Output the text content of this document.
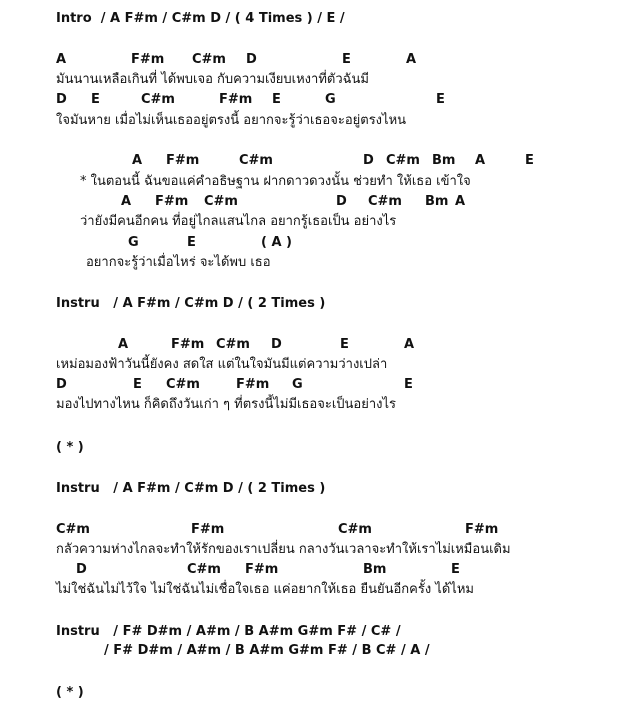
Intro / A F#m / C#m D / ( 4 Times ) / E /
มันนานเหลือเกินที่ ได้พบเจอ กับความเงียบเหงาที่ตัวฉันมี
ใจมันหาย เมื่อไม่เห็นเธออยู่ตรงนี้ อยากจะรู้ว่าเธอจะอยู่ตรงไหน
* ในตอนนี้ ฉันขอแค่คำอธิษฐาน ฝากดาวดวงนั้น ช่วยทำ ให้เธอ เข้าใจ
ว่ายังมีคนอีกคน ที่อยู่ไกลแสนไกล อยากรู้เธอเป็น อย่างไร
อยากจะรู้ว่าเมื่อไหร่ จะได้พบ เธอ
Instru / A F#m / C#m D / ( 2 Times )
เหม่อมองฟ้าวันนี้ยังคง สดใส แต่ในใจมันมีแต่ความว่างเปล่า
มองไปทางไหน ก็คิดถึงวันเก่า ๆ ที่ตรงนี้ไม่มีเธอจะเป็นอย่างไร
( * )
Instru / A F#m / C#m D / ( 2 Times )
กลัวความห่างไกลจะทำให้รักของเราเปลี่ยน กลางวันเวลาจะทำให้เราไม่เหมือนเดิม
ไม่ใช่ฉันไม่ไว้ใจ ไม่ใช่ฉันไม่เชื่อใจเธอ แค่อยากให้เธอ ยืนยันอีกครั้ง ได้ไหม
Instru / F# D#m / A#m / B A#m G#m F# / C# /
/ F# D#m / A#m / B A#m G#m F# / B C# / A /
( * )
A	F#m C#m D	E	A
D E	C#m	F#m E	G	E
A F#m	C#m	D C#m Bm A	E
A F#m C#m	D C#m Bm A
G	E	( A )
A	F#m C#m D	E	A
D	E C#m	F#m G	E
C#m	F#m	C#m	F#m
D	C#m F#m	Bm	E
